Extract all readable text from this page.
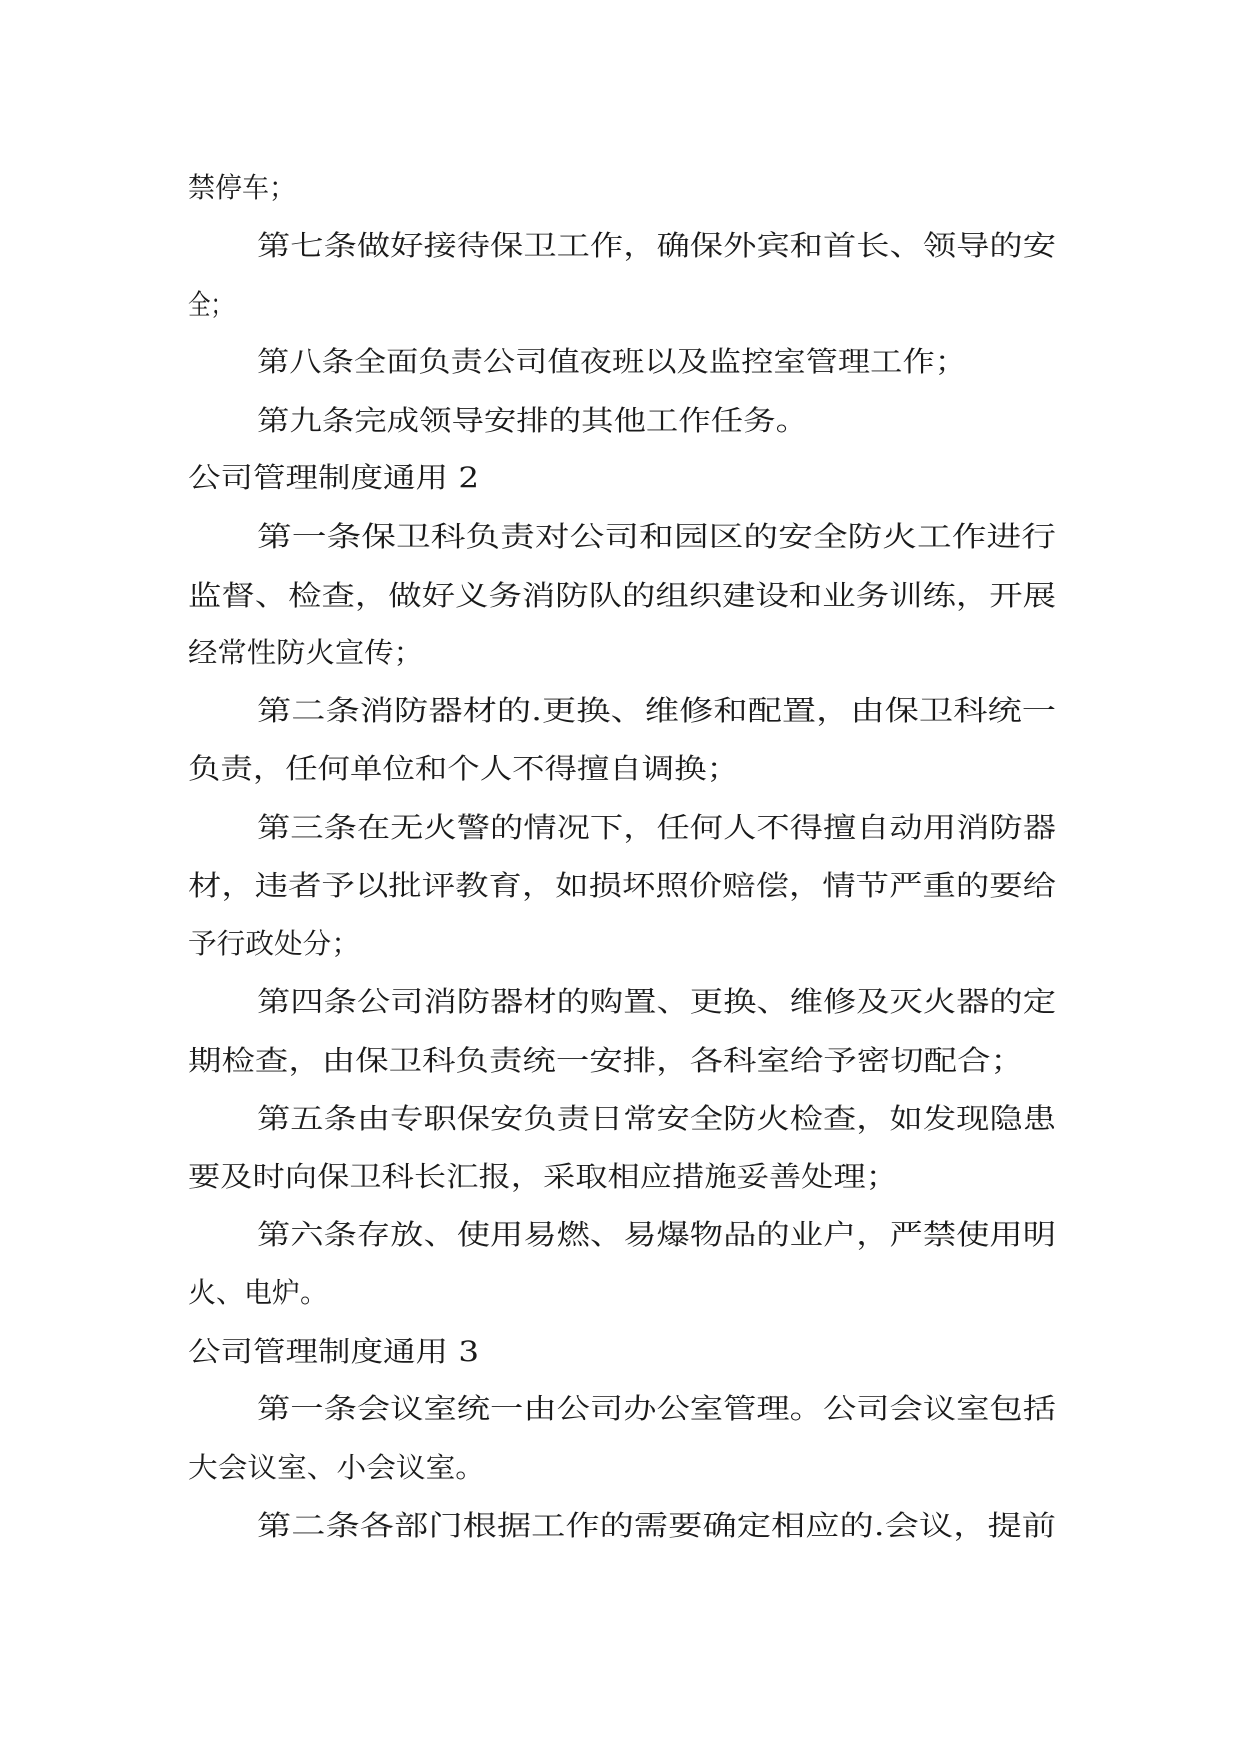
禁停车；
第七条做好接待保卫工作，确保外宾和首长、领导的安
全；
第八条全面负责公司值夜班以及监控室管理工作；
第九条完成领导安排的其他工作任务。
公司管理制度通用 2
第一条保卫科负责对公司和园区的安全防火工作进行
监督、检查，做好义务消防队的组织建设和业务训练，开展
经常性防火宣传；
第二条消防器材的.更换、维修和配置，由保卫科统一
负责，任何单位和个人不得擅自调换；
第三条在无火警的情况下，任何人不得擅自动用消防器
材，违者予以批评教育，如损坏照价赔偿，情节严重的要给
予行政处分；
第四条公司消防器材的购置、更换、维修及灭火器的定
期检查，由保卫科负责统一安排，各科室给予密切配合；
第五条由专职保安负责日常安全防火检查，如发现隐患
要及时向保卫科长汇报，采取相应措施妥善处理；
第六条存放、使用易燃、易爆物品的业户，严禁使用明
火、电炉。
公司管理制度通用 3
第一条会议室统一由公司办公室管理。公司会议室包括
大会议室、小会议室。
第二条各部门根据工作的需要确定相应的.会议，提前
